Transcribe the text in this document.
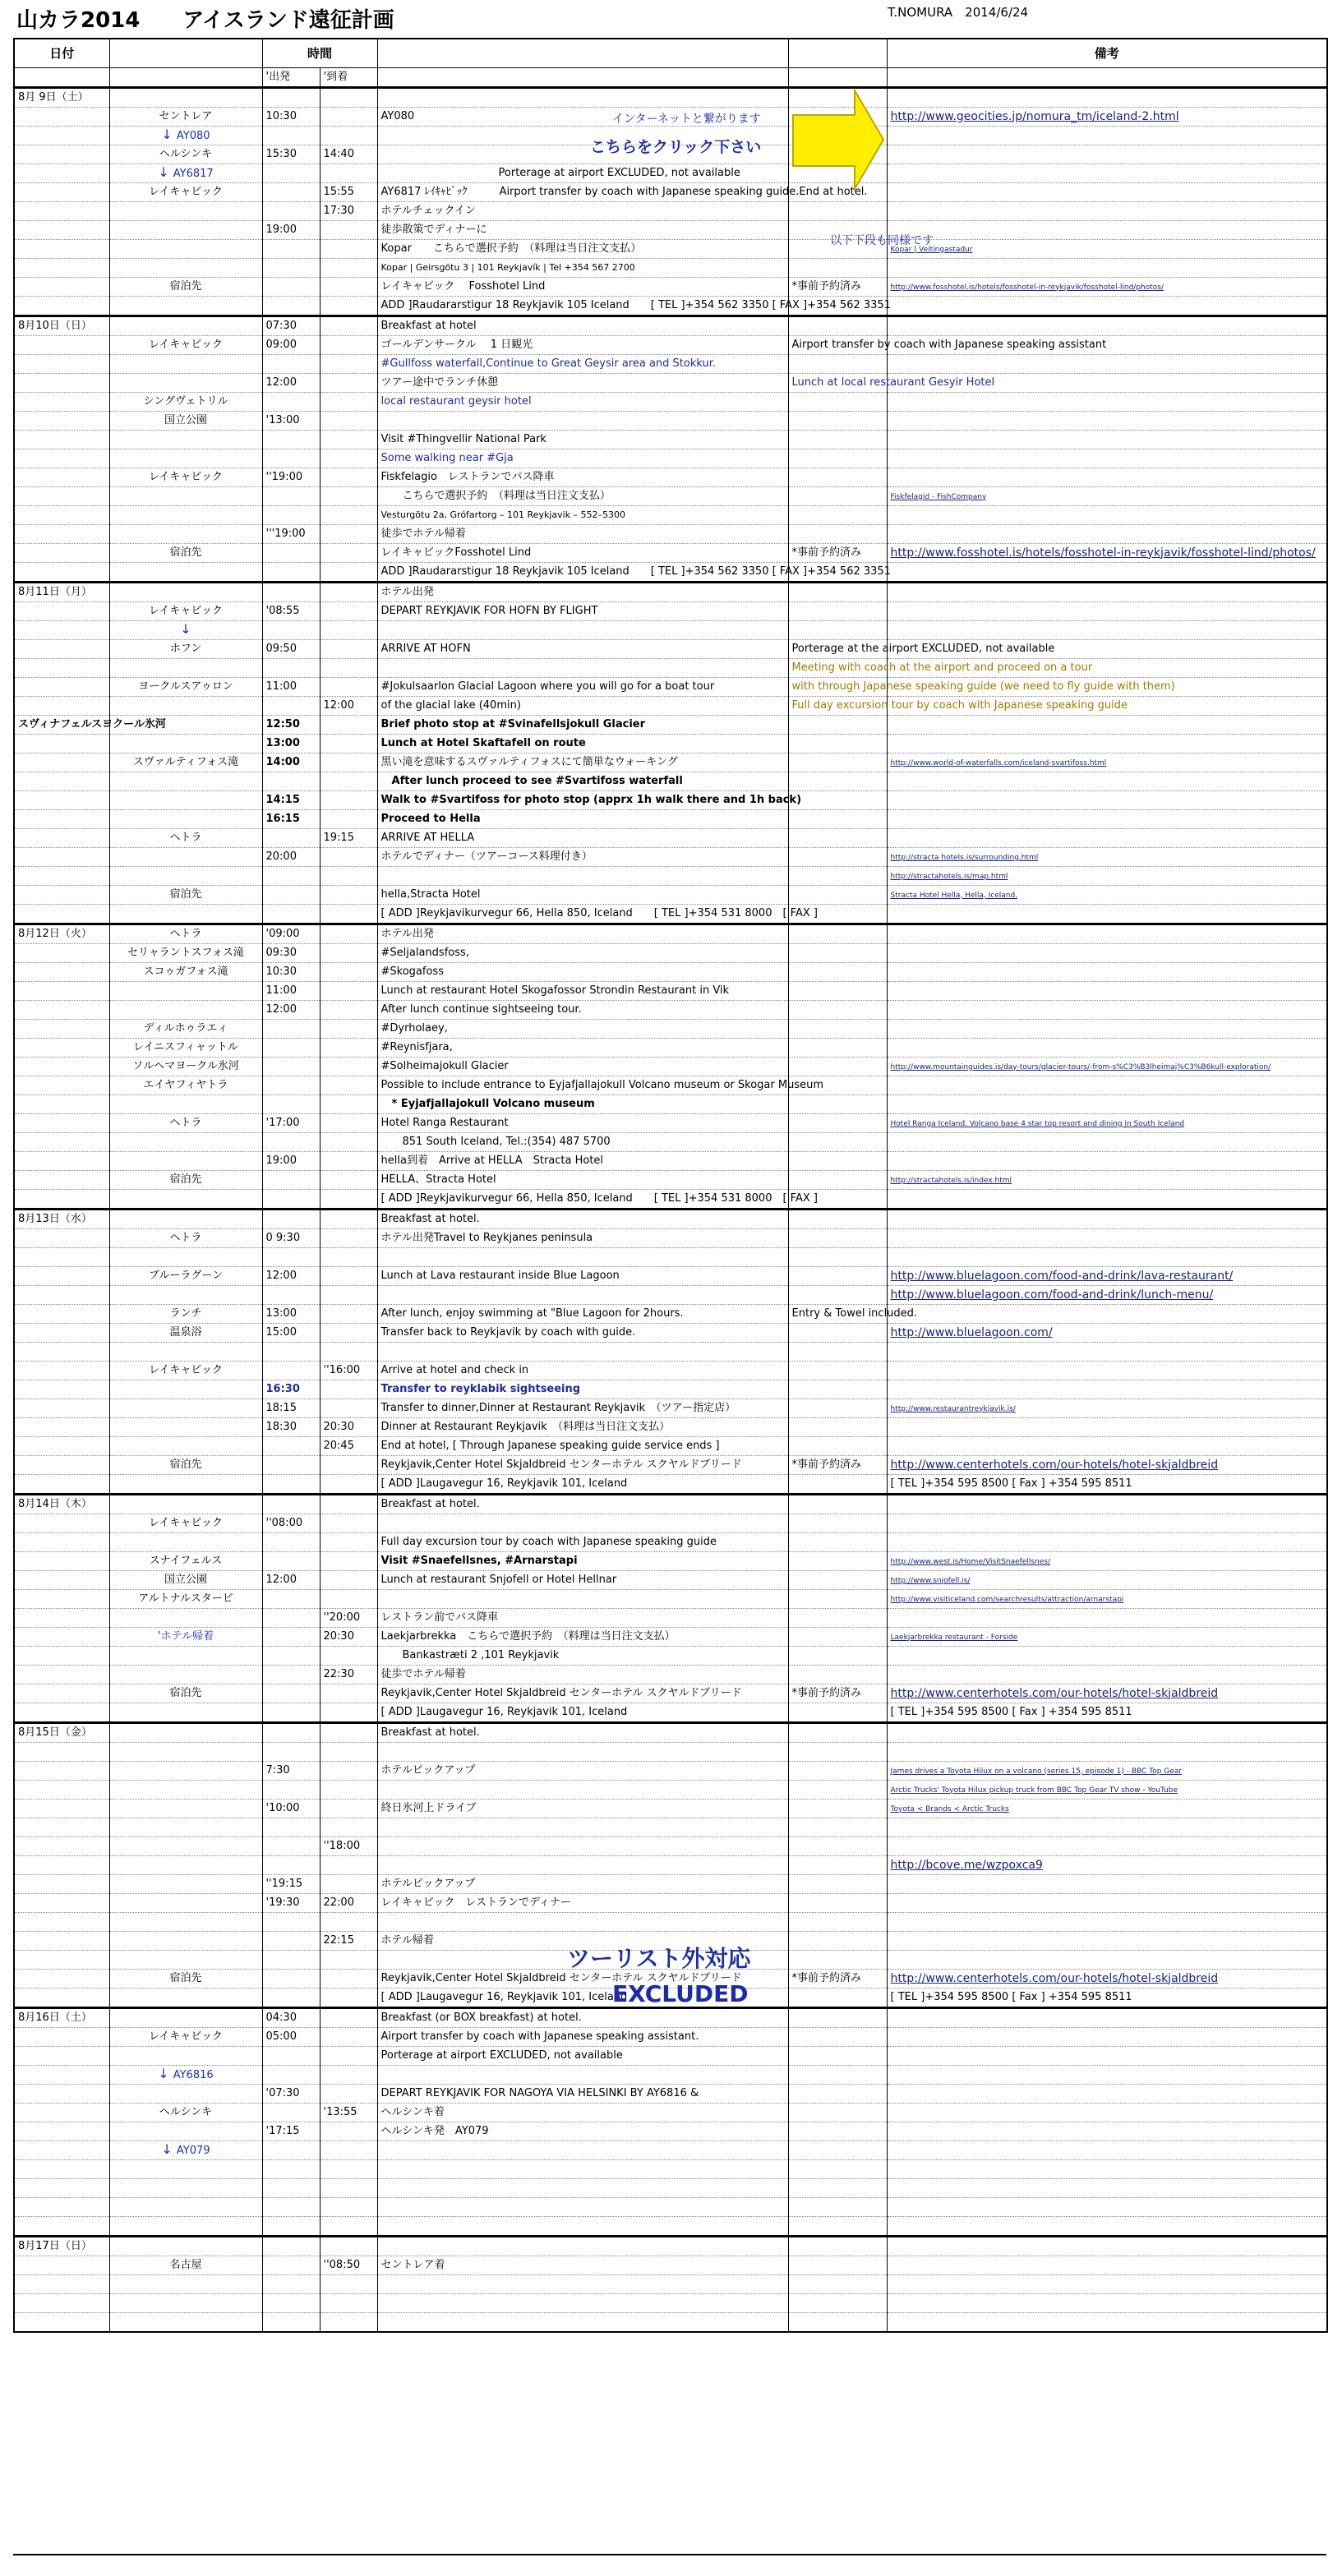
山カラ2014　　アイスランド遠征計画	T.NOMURA　2014/6/24
日付		時間				備考
		'出発	'到着			
8月 9日（土）						
	セントレア	10:30		AY080		http://www.geocities.jp/nomura_tm/iceland-2.html
	↓ AY080					
	ヘルシンキ	15:30	14:40			
	↓ AY6817			　　　　　　　　　　　Porterage at airport EXCLUDED, not available		
	レイキャビック		15:55	AY6817 ﾚｲｷｬﾋﾞｯｸ　　　Airport transfer by coach with Japanese speaking guide.End at hotel.		
			17:30	ホテルチェックイン		
		19:00		徒歩散策でディナーに		
				Kopar　　こちらで選択予約　（料理は当日注文支払）		Kopar | Veitingastadur
				Kopar | Geirsgötu 3 | 101 Reykjavík | Tel +354 567 2700		
	宿泊先			レイキャビック　 Fosshotel Lind	*事前予約済み	http://www.fosshotel.is/hotels/fosshotel-in-reykjavik/fosshotel-lind/photos/
				ADD ]Raudararstigur 18 Reykjavik 105 Iceland　　[ TEL ]+354 562 3350 [ FAX ]+354 562 3351		
8月10日（日）		07:30		Breakfast at hotel		
	レイキャビック	09:00		ゴールデンサークル　 1 日観光	Airport transfer by coach with Japanese speaking assistant	
				#Gullfoss waterfall,Continue to Great Geysir area and Stokkur.		
		12:00		ツアー途中でランチ休憩	Lunch at local restaurant Gesyir Hotel	
	シングヴェトリル			local restaurant geysir hotel		
	国立公園	'13:00				
				Visit #Thingvellir National Park		
				Some walking near #Gja		
	レイキャビック	''19:00		Fiskfelagio　レストランでパス降車		
				　　こちらで選択予約　（料理は当日注文支払）		Fiskfelagid - FishCompany
				Vesturgötu 2a, Grófartorg – 101 Reykjavik – 552–5300		
		'''19:00		徒歩でホテル帰着		
	宿泊先			レイキャビックFosshotel Lind	*事前予約済み	http://www.fosshotel.is/hotels/fosshotel-in-reykjavik/fosshotel-lind/photos/
				ADD ]Raudararstigur 18 Reykjavik 105 Iceland　　[ TEL ]+354 562 3350 [ FAX ]+354 562 3351		
8月11日（月）				ホテル出発		
	レイキャビック	'08:55		DEPART REYKJAVIK FOR HOFN BY FLIGHT		
	↓					
	ホフン	09:50		ARRIVE AT HOFN	Porterage at the airport EXCLUDED, not available	
					Meeting with coach at the airport and proceed on a tour	
	ヨークルスアゥロン	11:00		#Jokulsaarlon Glacial Lagoon where you will go for a boat tour	with through Japanese speaking guide (we need to fly guide with them)	
			12:00	of the glacial lake (40min)	Full day excursion tour by coach with Japanese speaking guide	
スヴィナフェルスヨクール氷河		12:50		Brief photo stop at #Svinafellsjokull Glacier		
		13:00		Lunch at Hotel Skaftafell on route		
	スヴァルティフォス滝	14:00		黒い滝を意味するスヴァルティフォスにて簡単なウォーキング		http://www.world-of-waterfalls.com/iceland-svartifoss.html
				　After lunch proceed to see #Svartifoss waterfall		
		14:15		Walk to #Svartifoss for photo stop (apprx 1h walk there and 1h back)		
		16:15		Proceed to Hella		
	ヘトラ		19:15	ARRIVE AT HELLA		
		20:00		ホテルでディナー（ツアーコース料理付き）		http://stracta hotels.is/surrounding.html
						http://stractahotels.is/map.html
	宿泊先			hella,Stracta Hotel		Stracta Hotel Hella, Hella, Iceland.
				[ ADD ]Reykjavikurvegur 66, Hella 850, Iceland　　[ TEL ]+354 531 8000　[ FAX ]		
8月12日（火）	ヘトラ	'09:00		ホテル出発		
	セリャラントスフォス滝	09:30		#Seljalandsfoss,		
	スコゥガフォス滝	10:30		#Skogafoss		
		11:00		Lunch at restaurant Hotel Skogafossor Strondin Restaurant in Vik		
		12:00		After lunch continue sightseeing tour.		
	ディルホゥラエィ			#Dyrholaey,		
	レイニスフィャットル			#Reynisfjara,		
	ソルヘマヨークル氷河			#Solheimajokull Glacier		http://www.mountainguides.is/day-tours/glacier-tours/-from-s%C3%B3lheimaj%C3%B6kull-exploration/
	エイヤフィヤトラ			Possible to include entrance to Eyjafjallajokull Volcano museum or Skogar Museum		
				　* Eyjafjallajokull Volcano museum		
	ヘトラ	'17:00		Hotel Ranga Restaurant		Hotel Ranga Iceland. Volcano base 4 star top resort and dining in South Iceland
				　　851 South Iceland, Tel.:(354) 487 5700		
		19:00		hella到着　Arrive at HELLA　Stracta Hotel		
	宿泊先			HELLA、Stracta Hotel		http://stractahotels.is/index.html
				[ ADD ]Reykjavikurvegur 66, Hella 850, Iceland　　[ TEL ]+354 531 8000　[ FAX ]		
8月13日（水）				Breakfast at hotel.		
	ヘトラ	0 9:30		ホテル出発Travel to Reykjanes peninsula		

	ブルーラグーン	12:00		Lunch at Lava restaurant inside Blue Lagoon		http://www.bluelagoon.com/food-and-drink/lava-restaurant/
						http://www.bluelagoon.com/food-and-drink/lunch-menu/
	ランチ	13:00		After lunch, enjoy swimming at "Blue Lagoon for 2hours.	Entry & Towel included.	
	温泉浴	15:00		Transfer back to Reykjavik by coach with guide.		http://www.bluelagoon.com/

	レイキャビック		''16:00	Arrive at hotel and check in		
		16:30		Transfer to reyklabik sightseeing		
		18:15		Transfer to dinner,Dinner at Restaurant Reykjavik　（ツアー指定店）		http://www.restaurantreykjavik.is/
		18:30	20:30	Dinner at Restaurant Reykjavik　（料理は当日注文支払）		
			20:45	End at hotel, [ Through Japanese speaking guide service ends ]		
	宿泊先			Reykjavik,Center Hotel Skjaldbreid センターホテル スクヤルドブリード	*事前予約済み	http://www.centerhotels.com/our-hotels/hotel-skjaldbreid
				[ ADD ]Laugavegur 16, Reykjavik 101, Iceland		[ TEL ]+354 595 8500 [ Fax ] +354 595 8511
8月14日（木）				Breakfast at hotel.		
	レイキャビック	''08:00				
				Full day excursion tour by coach with Japanese speaking guide		
	スナイフェルス			Visit #Snaefellsnes, #Arnarstapi		http://www.west.is/Home/VisitSnaefellsnes/
	国立公園	12:00		Lunch at restaurant Snjofell or Hotel Hellnar		http://www.snjofell.is/
	アルトナルスタービ					http://www.visiticeland.com/searchresults/attraction/arnarstapi
			''20:00	レストラン前でパス降車		
	'ホテル帰着		20:30	Laekjarbrekka　こちらで選択予約　（料理は当日注文支払）		Laekjarbrekka restaurant - Forside
				　　Bankastræti 2 ,101 Reykjavik		
			22:30	徒歩でホテル帰着		
	宿泊先			Reykjavik,Center Hotel Skjaldbreid センターホテル スクヤルドブリード	*事前予約済み	http://www.centerhotels.com/our-hotels/hotel-skjaldbreid
				[ ADD ]Laugavegur 16, Reykjavik 101, Iceland		[ TEL ]+354 595 8500 [ Fax ] +354 595 8511
8月15日（金）				Breakfast at hotel.		

		7:30		ホテルピックアップ		James drives a Toyota Hilux on a volcano (series 15, episode 1) - BBC Top Gear
						Arctic Trucks' Toyota Hilux pickup truck from BBC Top Gear TV show - YouTube
		'10:00		終日氷河上ドライブ		Toyota < Brands < Arctic Trucks

			''18:00			
						http://bcove.me/wzpoxca9
		''19:15		ホテルピックアップ		
		'19:30	22:00	レイキャビック　レストランでディナー		

			22:15	ホテル帰着		

	宿泊先			Reykjavik,Center Hotel Skjaldbreid センターホテル スクヤルドブリード	*事前予約済み	http://www.centerhotels.com/our-hotels/hotel-skjaldbreid
				[ ADD ]Laugavegur 16, Reykjavik 101, Iceland		[ TEL ]+354 595 8500 [ Fax ] +354 595 8511
8月16日（土）		04:30		Breakfast (or BOX breakfast) at hotel.		
	レイキャビック	05:00		Airport transfer by coach with Japanese speaking assistant.		
				Porterage at airport EXCLUDED, not available		
	↓ AY6816					
		'07:30		DEPART REYKJAVIK FOR NAGOYA VIA HELSINKI BY AY6816 &		
	ヘルシンキ		'13:55	ヘルシンキ着		
		'17:15		ヘルシンキ発　AY079		
	↓ AY079					

8月17日（日）						
	名古屋		''08:50	セントレア着		

インターネットと繋がります
こちらをクリック下さい
以下下段も同様です
ツーリスト外対応
EXCLUDED
